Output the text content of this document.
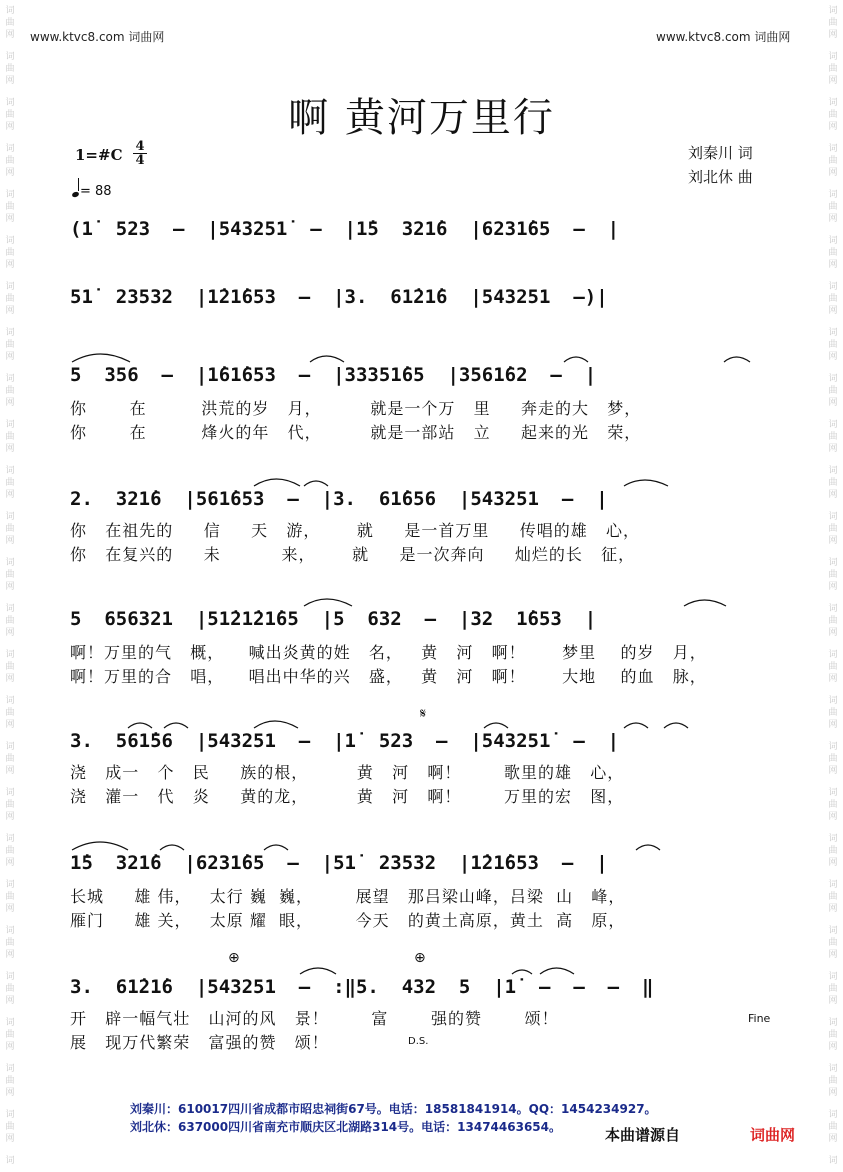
词
曲
网
词
曲
网
词
曲
网
词
曲
网
词
曲
网
词
曲
网
词
曲
网
词
曲
网
词
曲
网
词
曲
网
词
曲
网
词
曲
网
词
曲
网
词
曲
网
词
曲
网
词
曲
网
词
曲
网
词
曲
网
词
曲
网
词
曲
网
词
曲
网
词
曲
网
词
曲
网
词
曲
网
词
曲
网
词
词
曲
网
词
曲
网
词
曲
网
词
曲
网
词
曲
网
词
曲
网
词
曲
网
词
曲
网
词
曲
网
词
曲
网
词
曲
网
词
曲
网
词
曲
网
词
曲
网
词
曲
网
词
曲
网
词
曲
网
词
曲
网
词
曲
网
词
曲
网
词
曲
网
词
曲
网
词
曲
网
词
曲
网
词
曲
网
词
www.ktvc8.com 词曲网	www.ktvc8.com 词曲网
啊 黄河万里行
1=#C 4
4
= 88
刘秦川 词
刘北休 曲
(1̇  523  –  |543251̇  –  |1̇5  321̇6  |6231̇65  –  |
51̇  23532  |1̇21̇653  –  |3.  61̇21̇6  |543251  –)|
5  356  –  |1̇61̇653  –  |33351̇65  |3561̇62  –  |
你       在         洪荒的岁   月，        就是一个万   里     奔走的大   梦，
你       在         烽火的年   代，        就是一部站   立     起来的光   荣，
2.  321̇6  |561̇653  –  |3.  61̇656  |543251  –  |
你   在祖先的     信     天   游，      就     是一首万里     传唱的雄   心，
你   在复兴的     未          来，      就     是一次奔向     灿烂的长   征，
5  656321  |51̇21̇21̇65  |5  632  –  |32  1̇653  |
啊！万里的气   概，    喊出炎黄的姓   名，   黄   河   啊！      梦里    的岁   月，
啊！万里的合   唱，    唱出中华的兴   盛，   黄   河   啊！      大地    的血   脉，
𝄋
3.  561̇56  |543251  –  |1̇  523  –  |543251̇  –  |
浇   成一   个   民     族的根，        黄   河   啊！       歌里的雄   心，
浇   灌一   代   炎     黄的龙，        黄   河   啊！       万里的宏   图，
1̇5  321̇6  |6231̇65  –  |51̇  23532  |1̇21̇653  –  |
长城     雄 伟，   太行 巍  巍，       展望   那吕梁山峰，吕梁  山   峰，
雁门     雄 关，   太原 耀  眼，       今天   的黄土高原，黄土  高   原，
⊕	⊕
3.  61̇21̇6  |543251  –  :‖5.  432  5  |1̇  –  –  –  ‖
Fine
开   辟一幅气壮   山河的风   景！       富       强的赞       颂！
展   现万代繁荣   富强的赞   颂！	D.S.
刘秦川：610017四川省成都市昭忠祠街67号。电话：18581841914。QQ：1454234927。
刘北休：637000四川省南充市顺庆区北湖路314号。电话：13474463654。	本曲谱源自	词曲网
